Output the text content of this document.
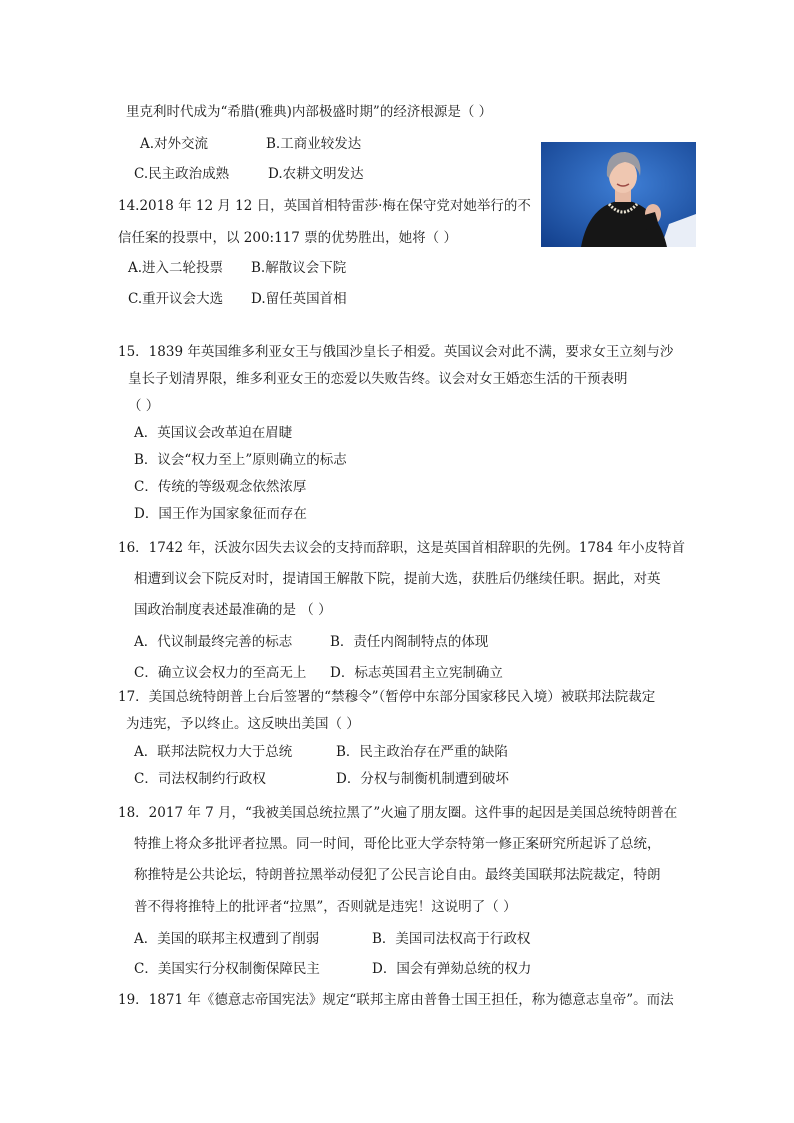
里克利时代成为“希腊(雅典)内部极盛时期”的经济根源是（ ）
A.对外交流	B.工商业较发达
C.民主政治成熟	D.农耕文明发达
14.2018 年 12 月 12 日，英国首相特雷莎·梅在保守党对她举行的不
信任案的投票中，以 200:117 票的优势胜出，她将（ ）
A.进入二轮投票 B.解散议会下院
C.重开议会大选 D.留任英国首相
15．1839 年英国维多利亚女王与俄国沙皇长子相爱。英国议会对此不满，要求女王立刻与沙
皇长子划清界限，维多利亚女王的恋爱以失败告终。议会对女王婚恋生活的干预表明
（ ）
A．英国议会改革迫在眉睫
B．议会“权力至上”原则确立的标志
C．传统的等级观念依然浓厚
D．国王作为国家象征而存在
16．1742 年，沃波尔因失去议会的支持而辞职，这是英国首相辞职的先例。1784 年小皮特首
相遭到议会下院反对时，提请国王解散下院，提前大选，获胜后仍继续任职。据此，对英
国政治制度表述最准确的是 （ ）
A．代议制最终完善的标志	B．责任内阁制特点的体现
C．确立议会权力的至高无上 D．标志英国君主立宪制确立
17．美国总统特朗普上台后签署的“禁穆令”（暂停中东部分国家移民入境）被联邦法院裁定
为违宪，予以终止。这反映出美国（ ）
A．联邦法院权力大于总统	B．民主政治存在严重的缺陷
C．司法权制约行政权	D．分权与制衡机制遭到破坏
18．2017 年 7 月，“我被美国总统拉黑了”火遍了朋友圈。这件事的起因是美国总统特朗普在
特推上将众多批评者拉黑。同一时间，哥伦比亚大学奈特第一修正案研究所起诉了总统，
称推特是公共论坛，特朗普拉黑举动侵犯了公民言论自由。最终美国联邦法院裁定，特朗
普不得将推特上的批评者“拉黑”，否则就是违宪！这说明了（ ）
A．美国的联邦主权遭到了削弱	B．美国司法权高于行政权
C．美国实行分权制衡保障民主	D．国会有弹劾总统的权力
19．1871 年《德意志帝国宪法》规定“联邦主席由普鲁士国王担任，称为德意志皇帝”。而法
